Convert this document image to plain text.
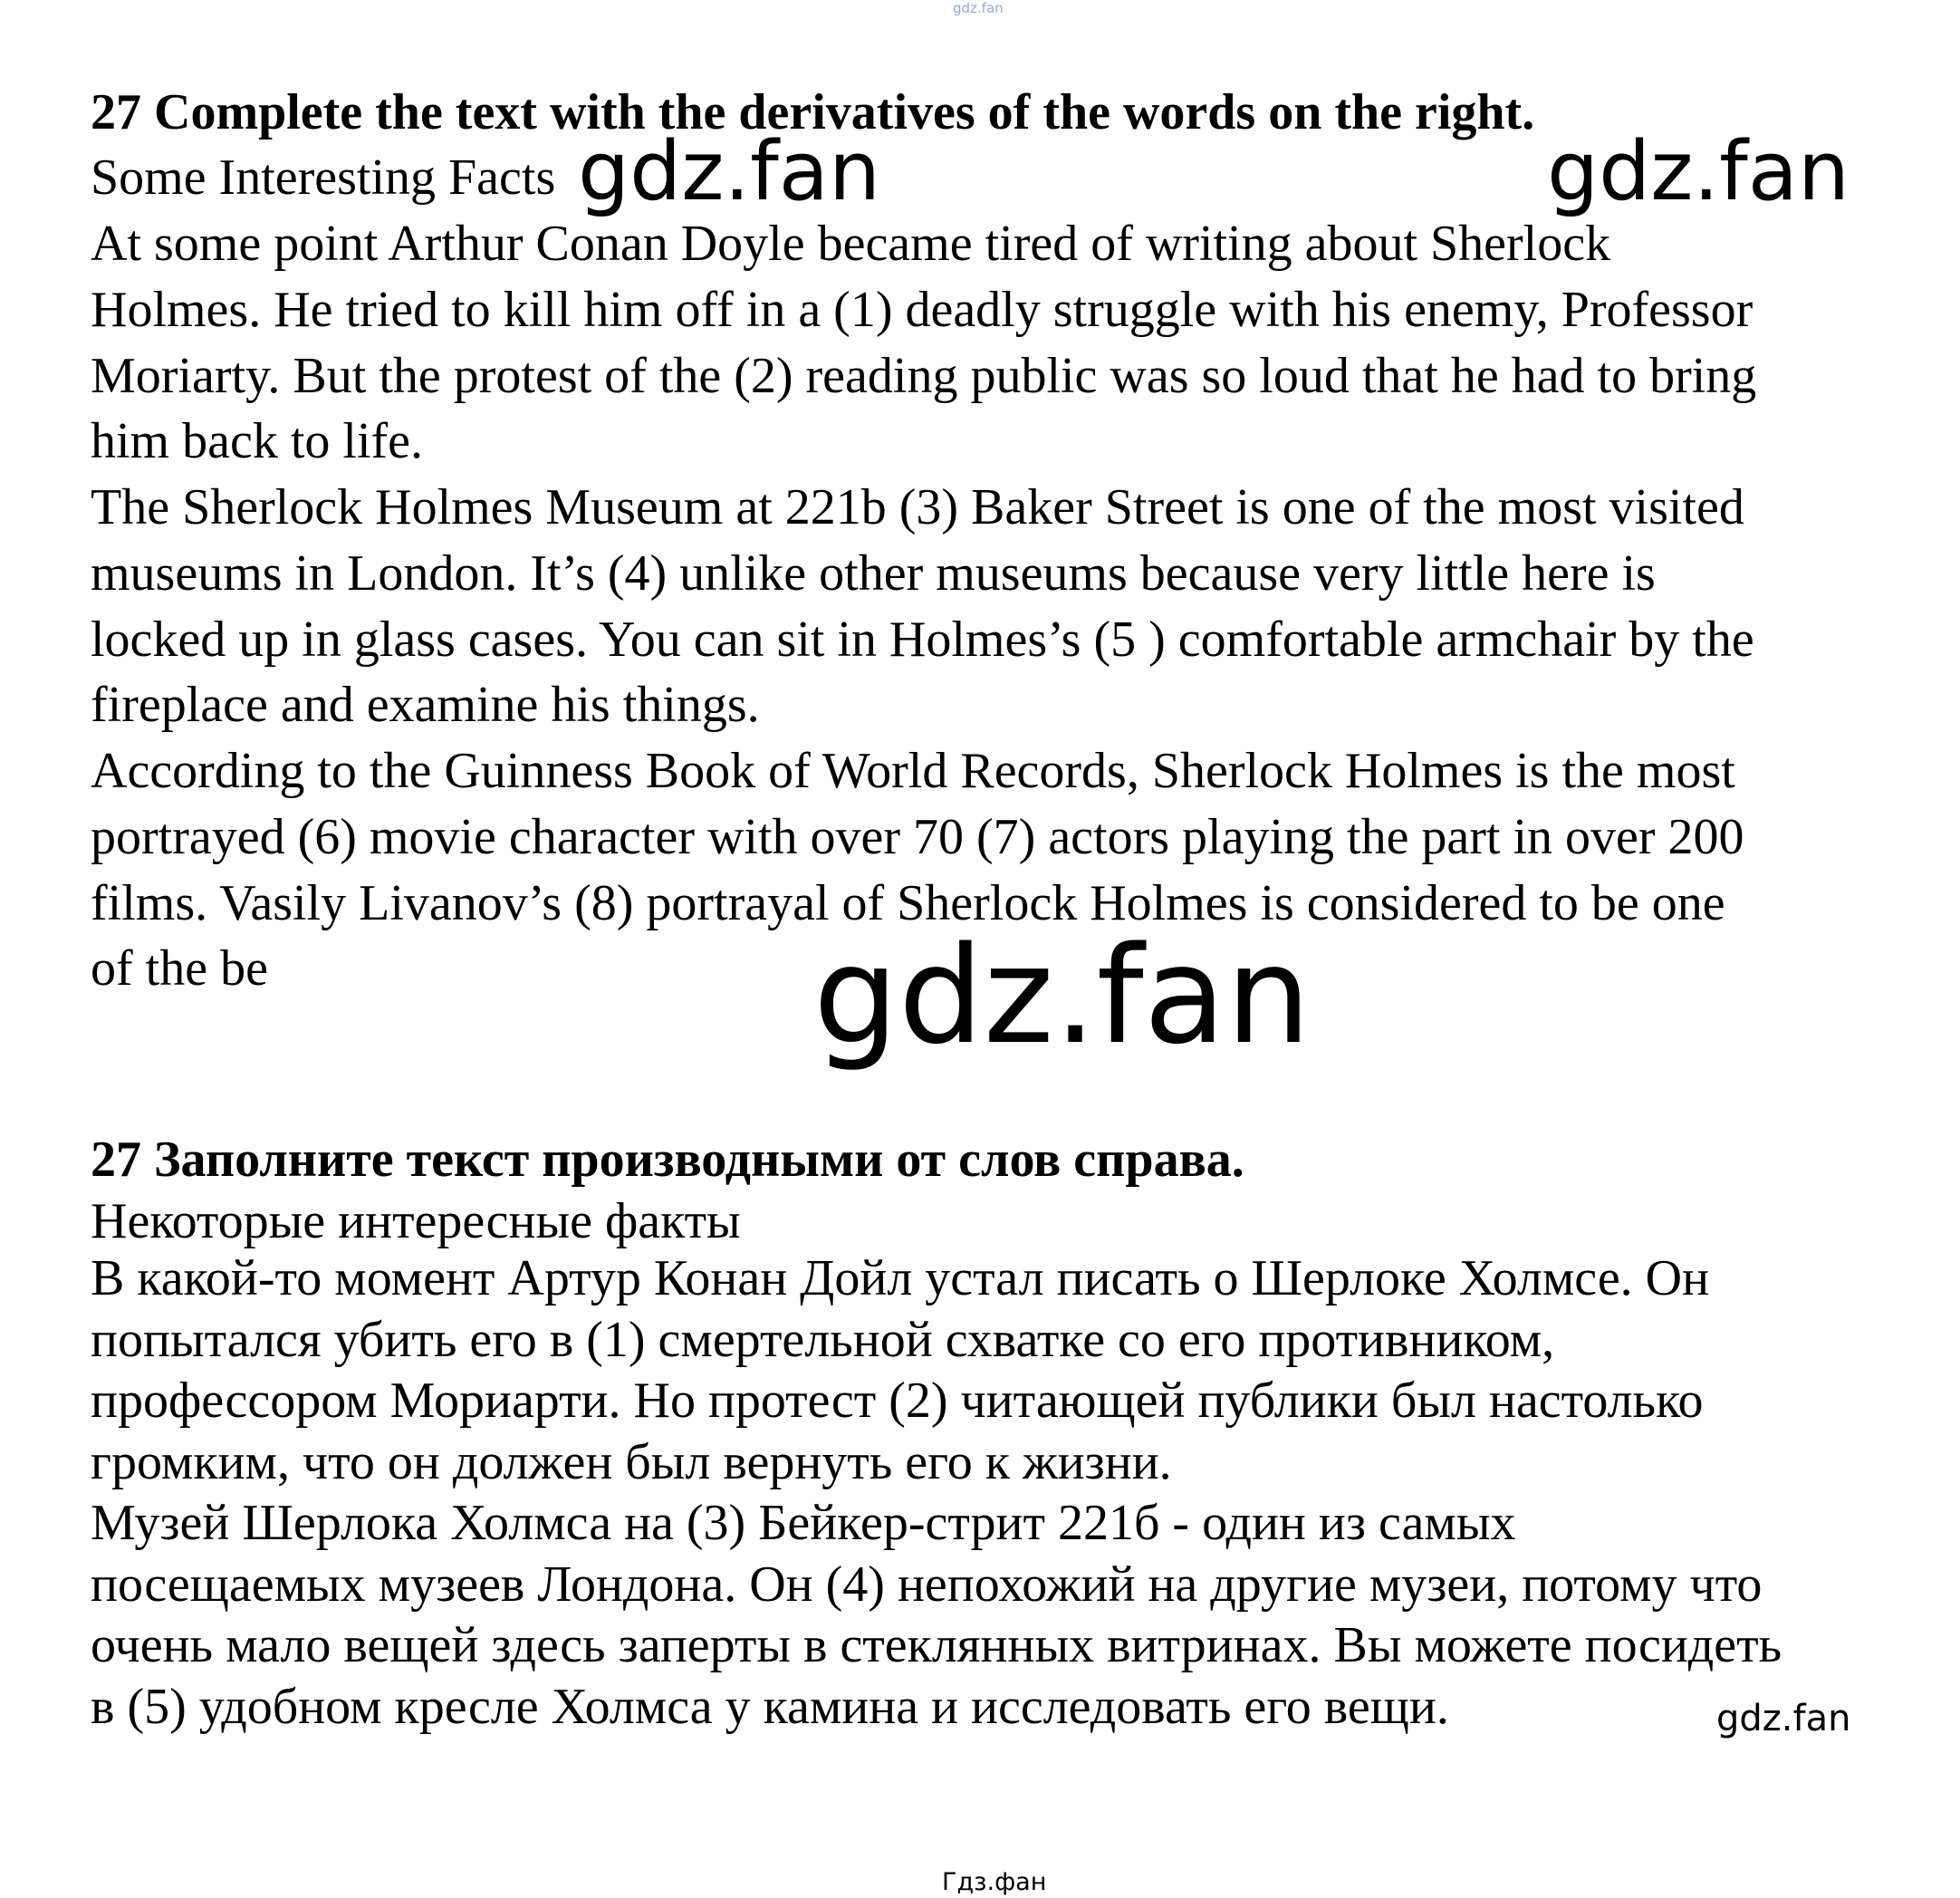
gdz.fan
27 Complete the text with the derivatives of the words on the right.
Some Interesting Facts

At some point Arthur Conan Doyle became tired of writing about Sherlock
Holmes. He tried to kill him off in a (1) deadly struggle with his enemy, Professor
Moriarty. But the protest of the (2) reading public was so loud that he had to bring
him back to life.

The Sherlock Holmes Museum at 221b (3) Baker Street is one of the most visited
museums in London. It’s (4) unlike other museums because very little here is
locked up in glass cases. You can sit in Holmes’s (5 ) comfortable armchair by the
fireplace and examine his things.

According to the Guinness Book of World Records, Sherlock Holmes is the most
portrayed (6) movie character with over 70 (7) actors playing the part in over 200
films. Vasily Livanov’s (8) portrayal of Sherlock Holmes is considered to be one
of the be

27 Заполните текст производными от слов справа.
Некоторые интересные факты

В какой-то момент Артур Конан Дойл устал писать о Шерлоке Холмсе. Он
попытался убить его в (1) смертельной схватке со его противником,
профессором Мориарти. Но протест (2) читающей публики был настолько
громким, что он должен был вернуть его к жизни.

Музей Шерлока Холмса на (3) Бейкер-стрит 221б - один из самых
посещаемых музеев Лондона. Он (4) непохожий на другие музеи, потому что
очень мало вещей здесь заперты в стеклянных витринах. Вы можете посидеть
в (5) удобном кресле Холмса у камина и исследовать его вещи.

gdz.fan	gdz.fan
gdz.fan
gdz.fan
Гдз.фан
